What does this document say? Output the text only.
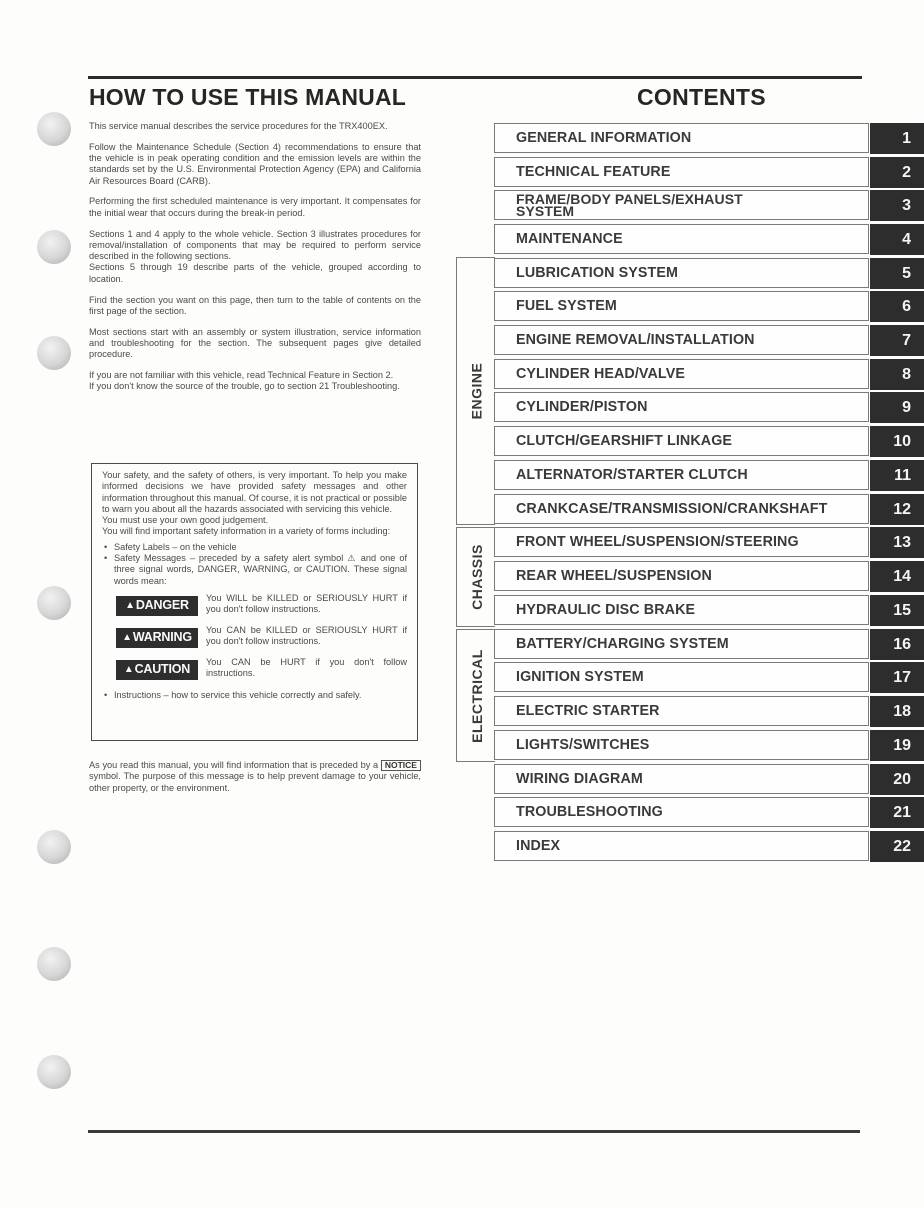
HOW TO USE THIS MANUAL

This service manual describes the service procedures for the TRX400EX.

Follow the Maintenance Schedule (Section 4) recommendations to ensure that the vehicle is in peak operating condition and the emission levels are within the standards set by the U.S. Environmental Protection Agency (EPA) and California Air Resources Board (CARB).

Performing the first scheduled maintenance is very important. It compensates for the initial wear that occurs during the break-in period.

Sections 1 and 4 apply to the whole vehicle. Section 3 illustrates procedures for removal/installation of components that may be required to perform service described in the following sections.

Sections 5 through 19 describe parts of the vehicle, grouped according to location.

Find the section you want on this page, then turn to the table of contents on the first page of the section.

Most sections start with an assembly or system illustration, service information and troubleshooting for the section. The subsequent pages give detailed procedure.

If you are not familiar with this vehicle, read Technical Feature in Section 2.

If you don't know the source of the trouble, go to section 21 Troubleshooting.

Your safety, and the safety of others, is very important. To help you make informed decisions we have provided safety messages and other information throughout this manual. Of course, it is not practical or possible to warn you about all the hazards associated with servicing this vehicle.

You must use your own good judgement.

You will find important safety information in a variety of forms including:

• Safety Labels – on the vehicle
• Safety Messages – preceded by a safety alert symbol ⚠ and one of three signal words, DANGER, WARNING, or CAUTION. These signal words mean:
▲ DANGER
You WILL be KILLED or SERIOUSLY HURT if you don't follow instructions.
▲ WARNING
You CAN be KILLED or SERIOUSLY HURT if you don't follow instructions.
▲ CAUTION
You CAN be HURT if you don't follow instructions.
• Instructions – how to service this vehicle correctly and safely.
As you read this manual, you will find information that is preceded by a NOTICE symbol. The purpose of this message is to help prevent damage to your vehicle, other property, or the environment.
CONTENTS
ENGINE
CHASSIS
ELECTRICAL
GENERAL INFORMATION	1
TECHNICAL FEATURE	2
FRAME/BODY PANELS/EXHAUST
SYSTEM	3
MAINTENANCE	4
LUBRICATION SYSTEM	5
FUEL SYSTEM	6
ENGINE REMOVAL/INSTALLATION	7
CYLINDER HEAD/VALVE	8
CYLINDER/PISTON	9
CLUTCH/GEARSHIFT LINKAGE	10
ALTERNATOR/STARTER CLUTCH	11
CRANKCASE/TRANSMISSION/CRANKSHAFT	12
FRONT WHEEL/SUSPENSION/STEERING	13
REAR WHEEL/SUSPENSION	14
HYDRAULIC DISC BRAKE	15
BATTERY/CHARGING SYSTEM	16
IGNITION SYSTEM	17
ELECTRIC STARTER	18
LIGHTS/SWITCHES	19
WIRING DIAGRAM	20
TROUBLESHOOTING	21
INDEX	22
